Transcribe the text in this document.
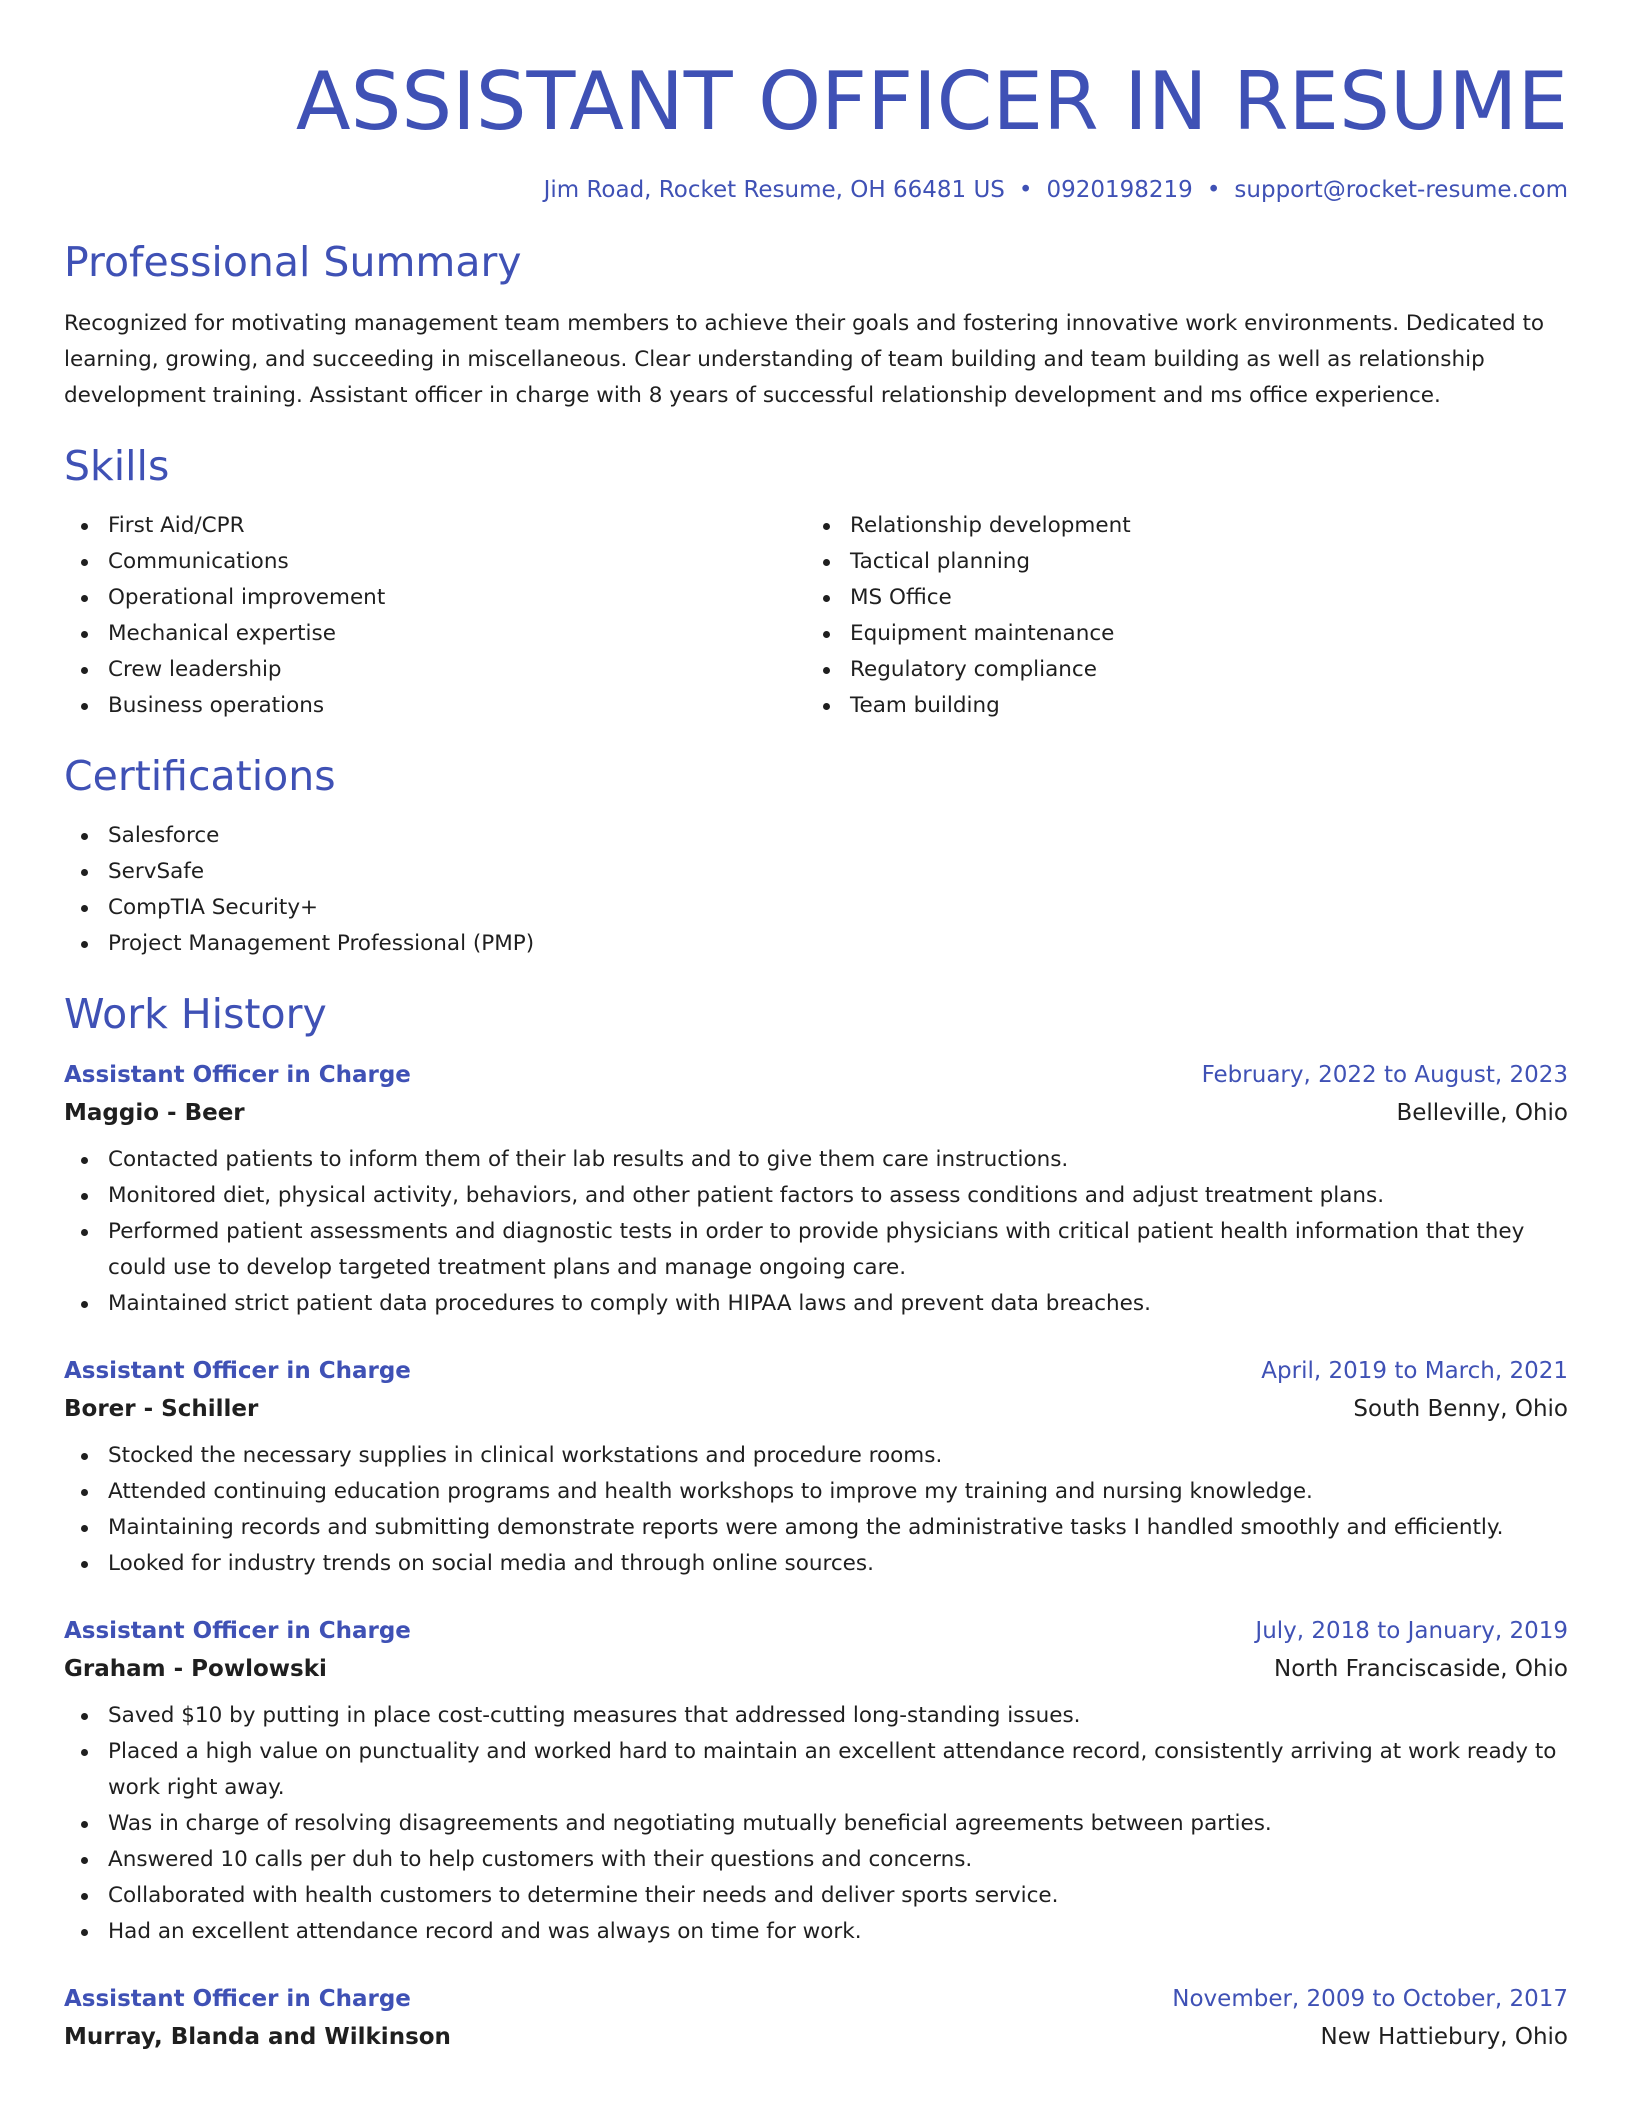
ASSISTANT OFFICER IN RESUME
Jim Road, Rocket Resume, OH 66481 US • 0920198219 • support@rocket-resume.com
Professional Summary

Recognized for motivating management team members to achieve their goals and fostering innovative work environments. Dedicated to learning, growing, and succeeding in miscellaneous. Clear understanding of team building and team building as well as relationship development training. Assistant officer in charge with 8 years of successful relationship development and ms office experience.

Skills
First Aid/CPR
Communications
Operational improvement
Mechanical expertise
Crew leadership
Business operations
Relationship development
Tactical planning
MS Office
Equipment maintenance
Regulatory compliance
Team building
Certifications
Salesforce
ServSafe
CompTIA Security+
Project Management Professional (PMP)
Work History
Assistant Officer in Charge	February, 2022 to August, 2023
Maggio - Beer	Belleville, Ohio
Contacted patients to inform them of their lab results and to give them care instructions.
Monitored diet, physical activity, behaviors, and other patient factors to assess conditions and adjust treatment plans.
Performed patient assessments and diagnostic tests in order to provide physicians with critical patient health information that they could use to develop targeted treatment plans and manage ongoing care.
Maintained strict patient data procedures to comply with HIPAA laws and prevent data breaches.
Assistant Officer in Charge	April, 2019 to March, 2021
Borer - Schiller	South Benny, Ohio
Stocked the necessary supplies in clinical workstations and procedure rooms.
Attended continuing education programs and health workshops to improve my training and nursing knowledge.
Maintaining records and submitting demonstrate reports were among the administrative tasks I handled smoothly and efficiently.
Looked for industry trends on social media and through online sources.
Assistant Officer in Charge	July, 2018 to January, 2019
Graham - Powlowski	North Franciscaside, Ohio
Saved $10 by putting in place cost-cutting measures that addressed long-standing issues.
Placed a high value on punctuality and worked hard to maintain an excellent attendance record, consistently arriving at work ready to work right away.
Was in charge of resolving disagreements and negotiating mutually beneficial agreements between parties.
Answered 10 calls per duh to help customers with their questions and concerns.
Collaborated with health customers to determine their needs and deliver sports service.
Had an excellent attendance record and was always on time for work.
Assistant Officer in Charge	November, 2009 to October, 2017
Murray, Blanda and Wilkinson	New Hattiebury, Ohio
